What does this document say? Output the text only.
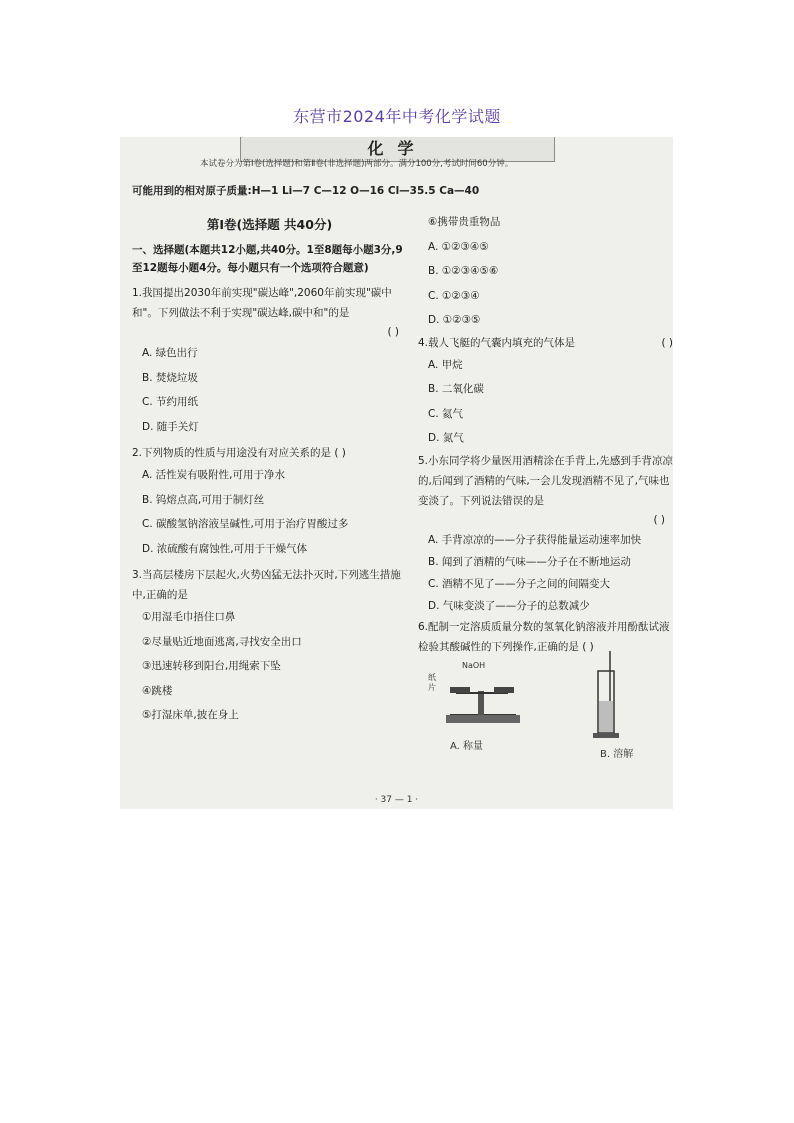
东营市2024年中考化学试题
化学
本试卷分为第Ⅰ卷(选择题)和第Ⅱ卷(非选择题)两部分。满分100分,考试时间60分钟。
可能用到的相对原子质量:H—1 Li—7 C—12 O—16 Cl—35.5 Ca—40
第Ⅰ卷(选择题 共40分)
一、选择题(本题共12小题,共40分。1至8题每小题3分,9至12题每小题4分。每小题只有一个选项符合题意)
1.我国提出2030年前实现"碳达峰",2060年前实现"碳中和"。下列做法不利于实现"碳达峰,碳中和"的是
( )
A. 绿色出行
B. 焚烧垃圾
C. 节约用纸
D. 随手关灯
2.下列物质的性质与用途没有对应关系的是 ( )
A. 活性炭有吸附性,可用于净水
B. 钨熔点高,可用于制灯丝
C. 碳酸氢钠溶液呈碱性,可用于治疗胃酸过多
D. 浓硫酸有腐蚀性,可用于干燥气体
3.当高层楼房下层起火,火势凶猛无法扑灭时,下列逃生措施中,正确的是
①用湿毛巾捂住口鼻
②尽量贴近地面逃离,寻找安全出口
③迅速转移到阳台,用绳索下坠
④跳楼
⑤打湿床单,披在身上
⑥携带贵重物品
A. ①②③④⑤
B. ①②③④⑤⑥
C. ①②③④
D. ①②③⑤
4.载人飞艇的气囊内填充的气体是	( )
A. 甲烷
B. 二氧化碳
C. 氦气
D. 氮气
5.小东同学将少量医用酒精涂在手背上,先感到手背凉凉的,后闻到了酒精的气味,一会儿发现酒精不见了,气味也变淡了。下列说法错误的是
( )
A. 手背凉凉的——分子获得能量运动速率加快
B. 闻到了酒精的气味——分子在不断地运动
C. 酒精不见了——分子之间的间隔变大
D. 气味变淡了——分子的总数减少
6.配制一定溶质质量分数的氢氧化钠溶液并用酚酞试液检验其酸碱性的下列操作,正确的是 ( )
NaOH
纸片
A. 称量
B. 溶解
· 37 — 1 ·
